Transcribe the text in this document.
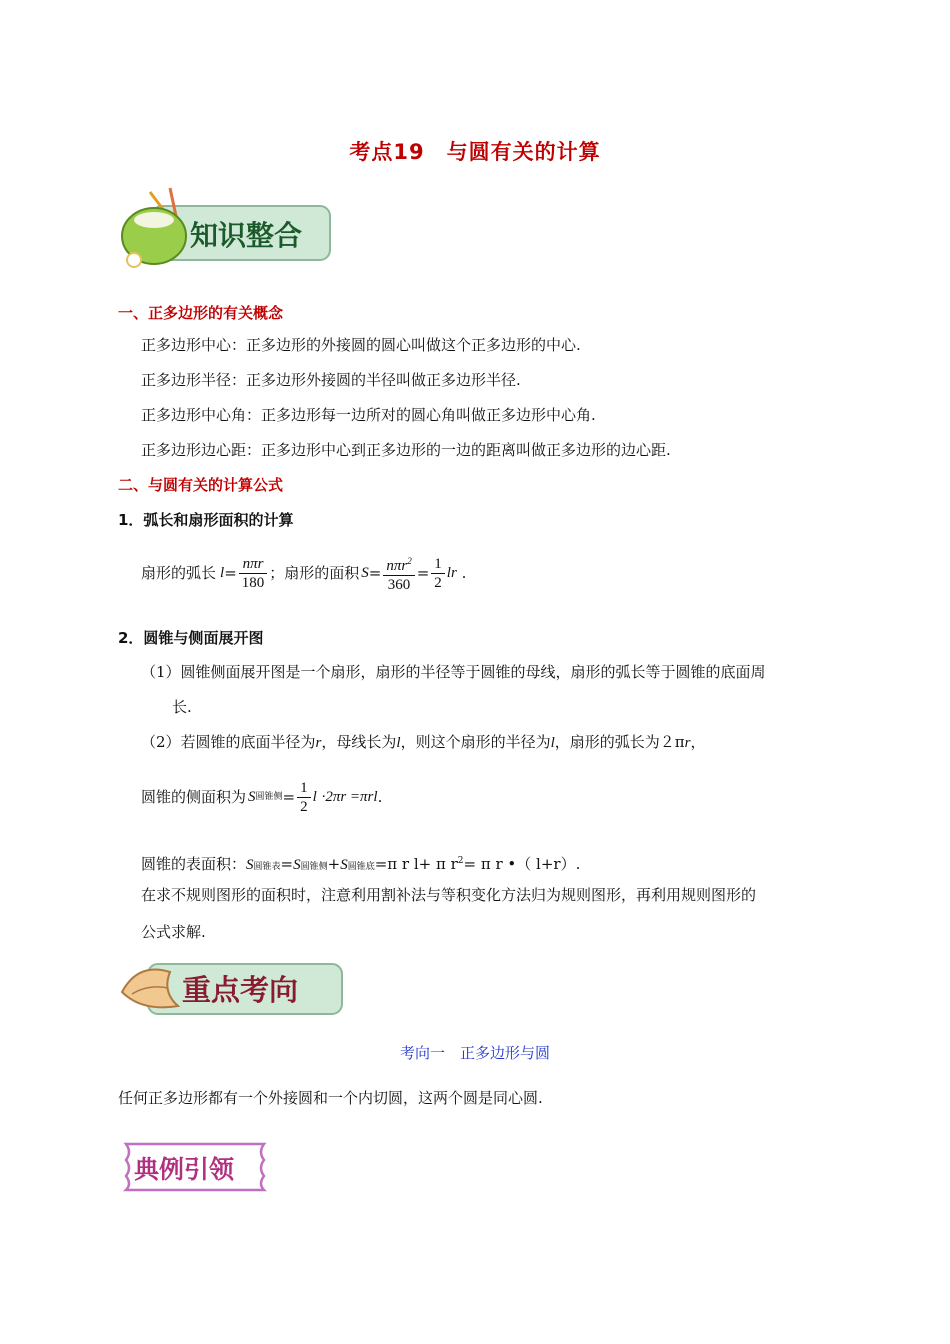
考点19　与圆有关的计算
知识整合
一、正多边形的有关概念
正多边形中心：正多边形的外接圆的圆心叫做这个正多边形的中心.
正多边形半径：正多边形外接圆的半径叫做正多边形半径.
正多边形中心角：正多边形每一边所对的圆心角叫做正多边形中心角.
正多边形边心距：正多边形中心到正多边形的一边的距离叫做正多边形的边心距.
二、与圆有关的计算公式
1．弧长和扇形面积的计算
扇形的弧长 $l = \frac{\text{nπr}}{180}$ ；扇形的面积 $S = \frac{n\pi r^2}{360} = \frac{1}{2}$ lr .
2．圆锥与侧面展开图
（1）圆锥侧面展开图是一个扇形，扇形的半径等于圆锥的母线，扇形的弧长等于圆锥的底面周
长.
（2）若圆锥的底面半径为r，母线长为l，则这个扇形的半径为l，扇形的弧长为２πr，
圆锥的侧面积为 S 圆锥侧 = $\frac{1}{2}$ l
·2πr =πrl .
圆锥的表面积：S圆锥表=S圆锥侧+S圆锥底=π r l+ π $r^2= \pi$ r •（ l+r）.
在求不规则图形的面积时，注意利用割补法与等积变化方法归为规则图形，再利用规则图形的
公式求解.
重点考向
考向一　正多边形与圆
任何正多边形都有一个外接圆和一个内切圆，这两个圆是同心圆.
典例引领
